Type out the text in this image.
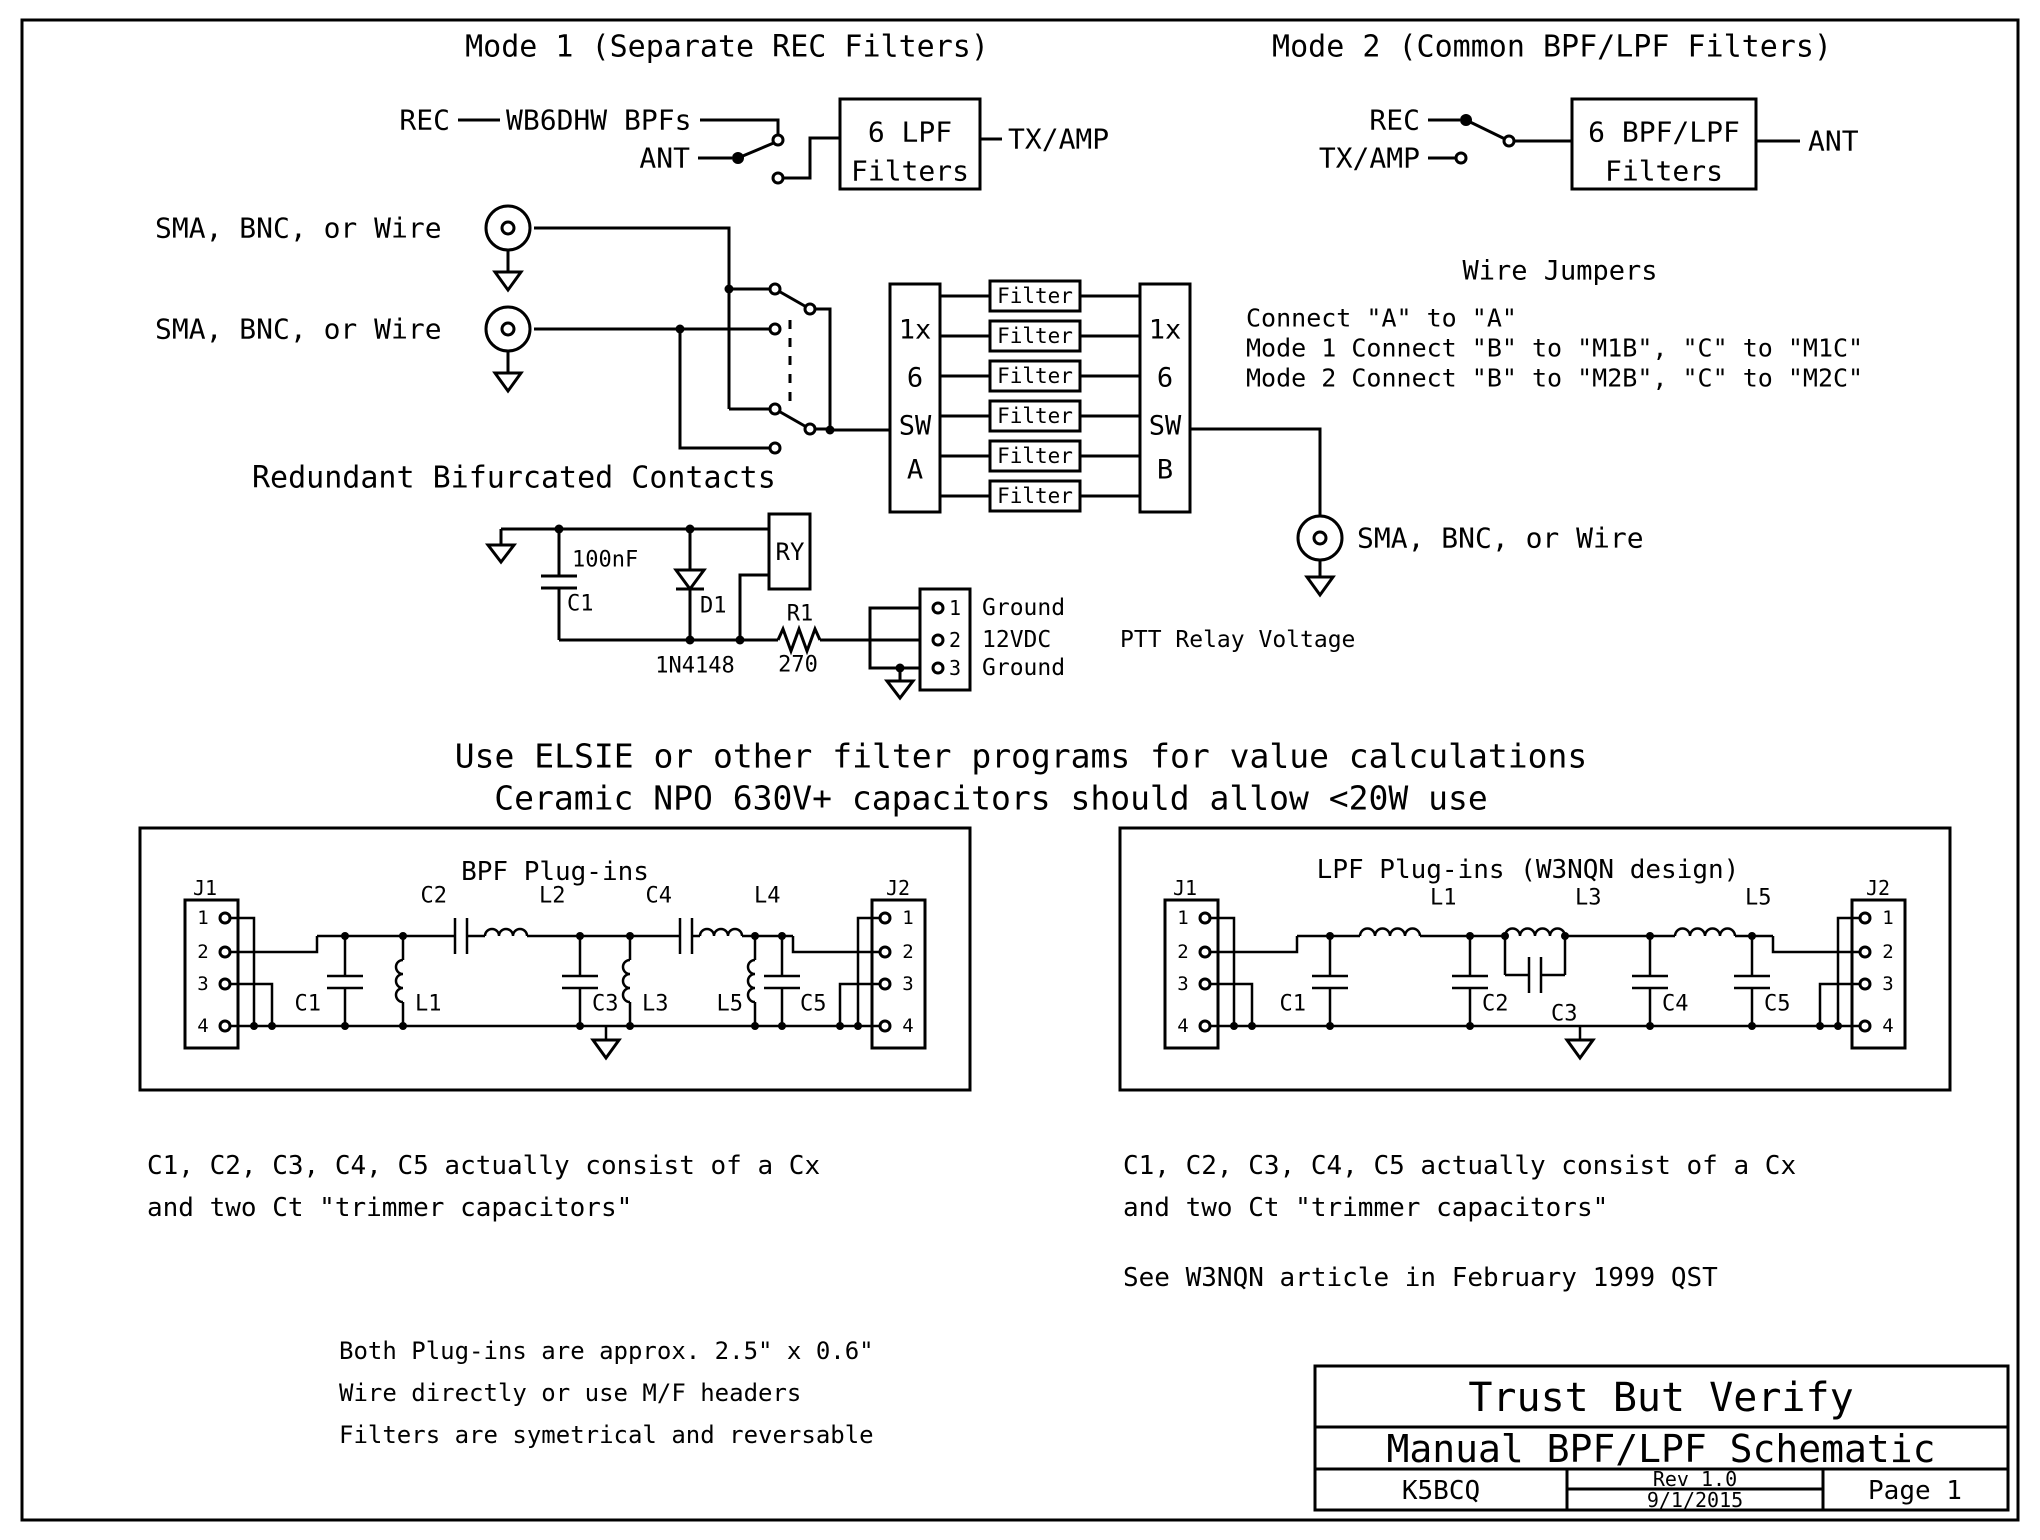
Mode 1 (Separate REC Filters)
REC WB6DHW BPFs
ANT
6 LPF
Filters
TX/AMP
Mode 2 (Common BPF/LPF Filters)
REC
TX/AMP
6 BPF/LPF
Filters
ANT
SMA, BNC, or Wire
SMA, BNC, or Wire
Redundant Bifurcated Contacts
1x
6
SW
A
1x
6
SW
B
Filter
Filter
Filter
Filter
Filter
Filter
SMA, BNC, or Wire
Wire Jumpers
Connect "A" to "A"
Mode 1 Connect "B" to "M1B", "C" to "M1C"
Mode 2 Connect "B" to "M2B", "C" to "M2C"
100nF
C1	D1
1N4148
RY
R1
270
1
2
3
Ground
12VDC	PTT Relay Voltage
Ground
Use ELSIE or other filter programs for value calculations
Ceramic NPO 630V+ capacitors should allow <20W use
BPF Plug-ins
J1
1
2
3
4
J2
1
2
3
4
C1	L1
C2	L2
C3 L3
C4	L4
L5	C5
LPF Plug-ins (W3NQN design)
J1
1
2
3
4
J2
1
2
3
4
C1
L1
C2
L3
C3	C4
L5
C5
C1, C2, C3, C4, C5 actually consist of a Cx
and two Ct "trimmer capacitors"
C1, C2, C3, C4, C5 actually consist of a Cx
and two Ct "trimmer capacitors"
See W3NQN article in February 1999 QST
Both Plug-ins are approx. 2.5" x 0.6"
Wire directly or use M/F headers
Filters are symetrical and reversable
Trust But Verify
Manual BPF/LPF Schematic
K5BCQ	Rev 1.0
9/1/2015	Page 1
